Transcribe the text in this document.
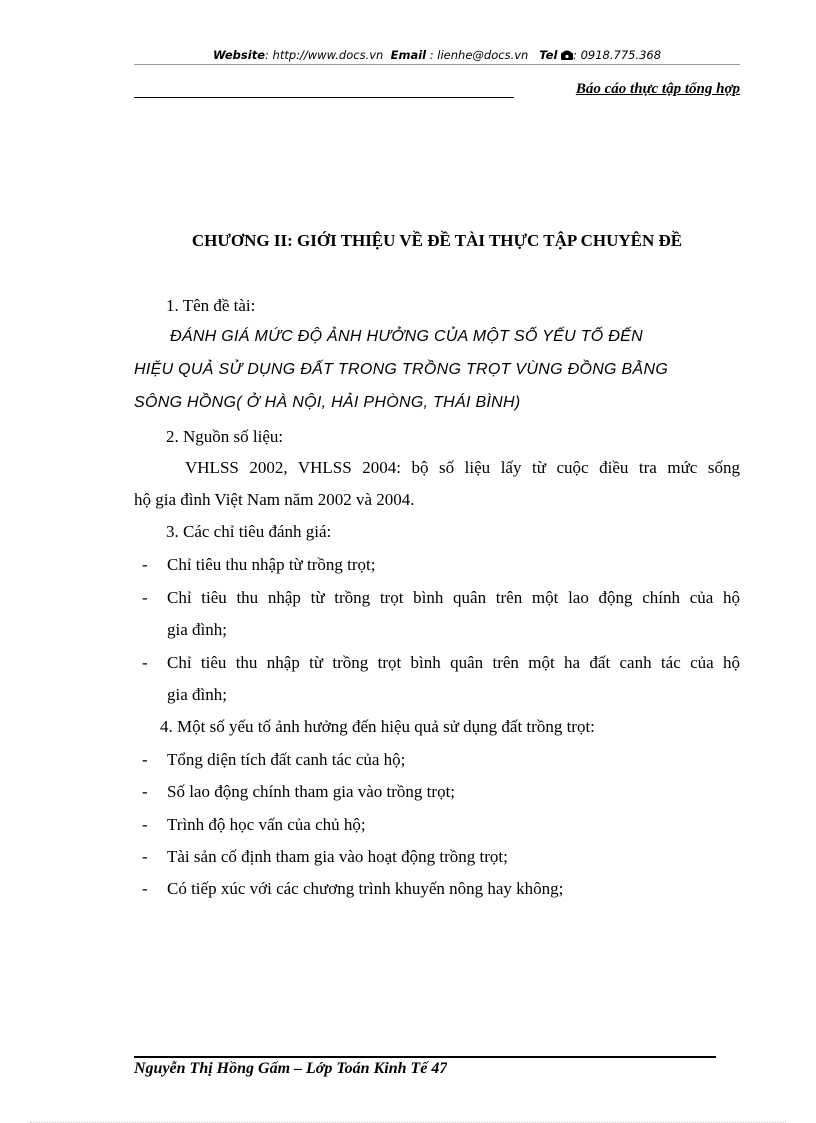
Website: http://www.docs.vn Email : lienhe@docs.vn Tel : 0918.775.368
Báo cáo thực tập tổng hợp
CHƯƠNG II: GIỚI THIỆU VỀ ĐỀ TÀI THỰC TẬP CHUYÊN ĐỀ
1. Tên đề tài:
ĐÁNH GIÁ MỨC ĐỘ ẢNH HƯỞNG CỦA MỘT SỐ YẾU TỐ ĐẾN
HIỆU QUẢ SỬ DỤNG ĐẤT TRONG TRỒNG TRỌT VÙNG ĐỒNG BẰNG
SÔNG HỒNG( Ở HÀ NỘI, HẢI PHÒNG, THÁI BÌNH)
2. Nguồn số liệu:
VHLSS 2002, VHLSS 2004: bộ số liệu lấy từ cuộc điều tra mức sống
hộ gia đình Việt Nam năm 2002 và 2004.
3. Các chỉ tiêu đánh giá:
- Chỉ tiêu thu nhập từ trồng trọt;
- Chỉ tiêu thu nhập từ trồng trọt bình quân trên một lao động chính của hộ
gia đình;
- Chỉ tiêu thu nhập từ trồng trọt bình quân trên một ha đất canh tác của hộ
gia đình;
4. Một số yếu tố ảnh hưởng đến hiệu quả sử dụng đất trồng trọt:
- Tổng diện tích đất canh tác của hộ;
- Số lao động chính tham gia vào trồng trọt;
- Trình độ học vấn của chủ hộ;
- Tài sản cố định tham gia vào hoạt động trồng trọt;
- Có tiếp xúc với các chương trình khuyến nông hay không;
Nguyễn Thị Hồng Gấm – Lớp Toán Kinh Tế 47
